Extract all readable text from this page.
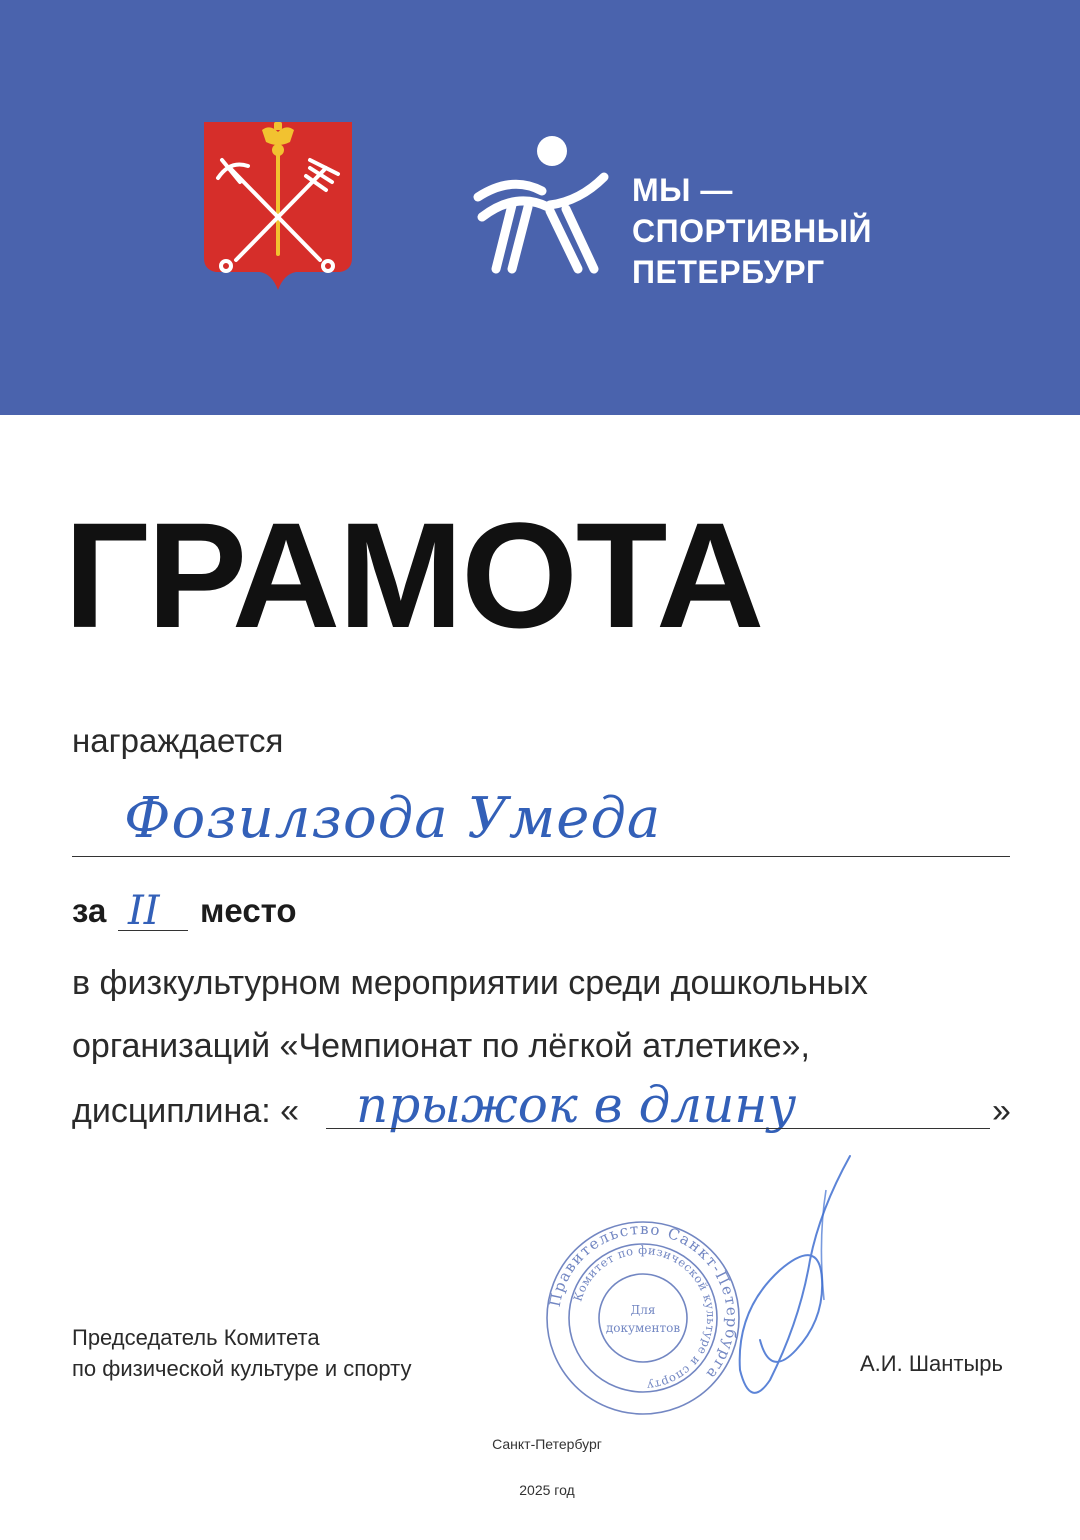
МЫ —
СПОРТИВНЫЙ
ПЕТЕРБУРГ
ГРАМОТА
награждается
Фозилзода Умеда
за II место
в физкультурном мероприятии среди дошкольных
организаций «Чемпионат по лёгкой атлетике»,
дисциплина: « прыжок в длину	»
Председатель Комитета
по физической культуре и спорту	А.И. Шантырь
Правительство Санкт-Петербурга
Комитет по физической культуре и спорту
Для
документов
Санкт-Петербург
2025 год
